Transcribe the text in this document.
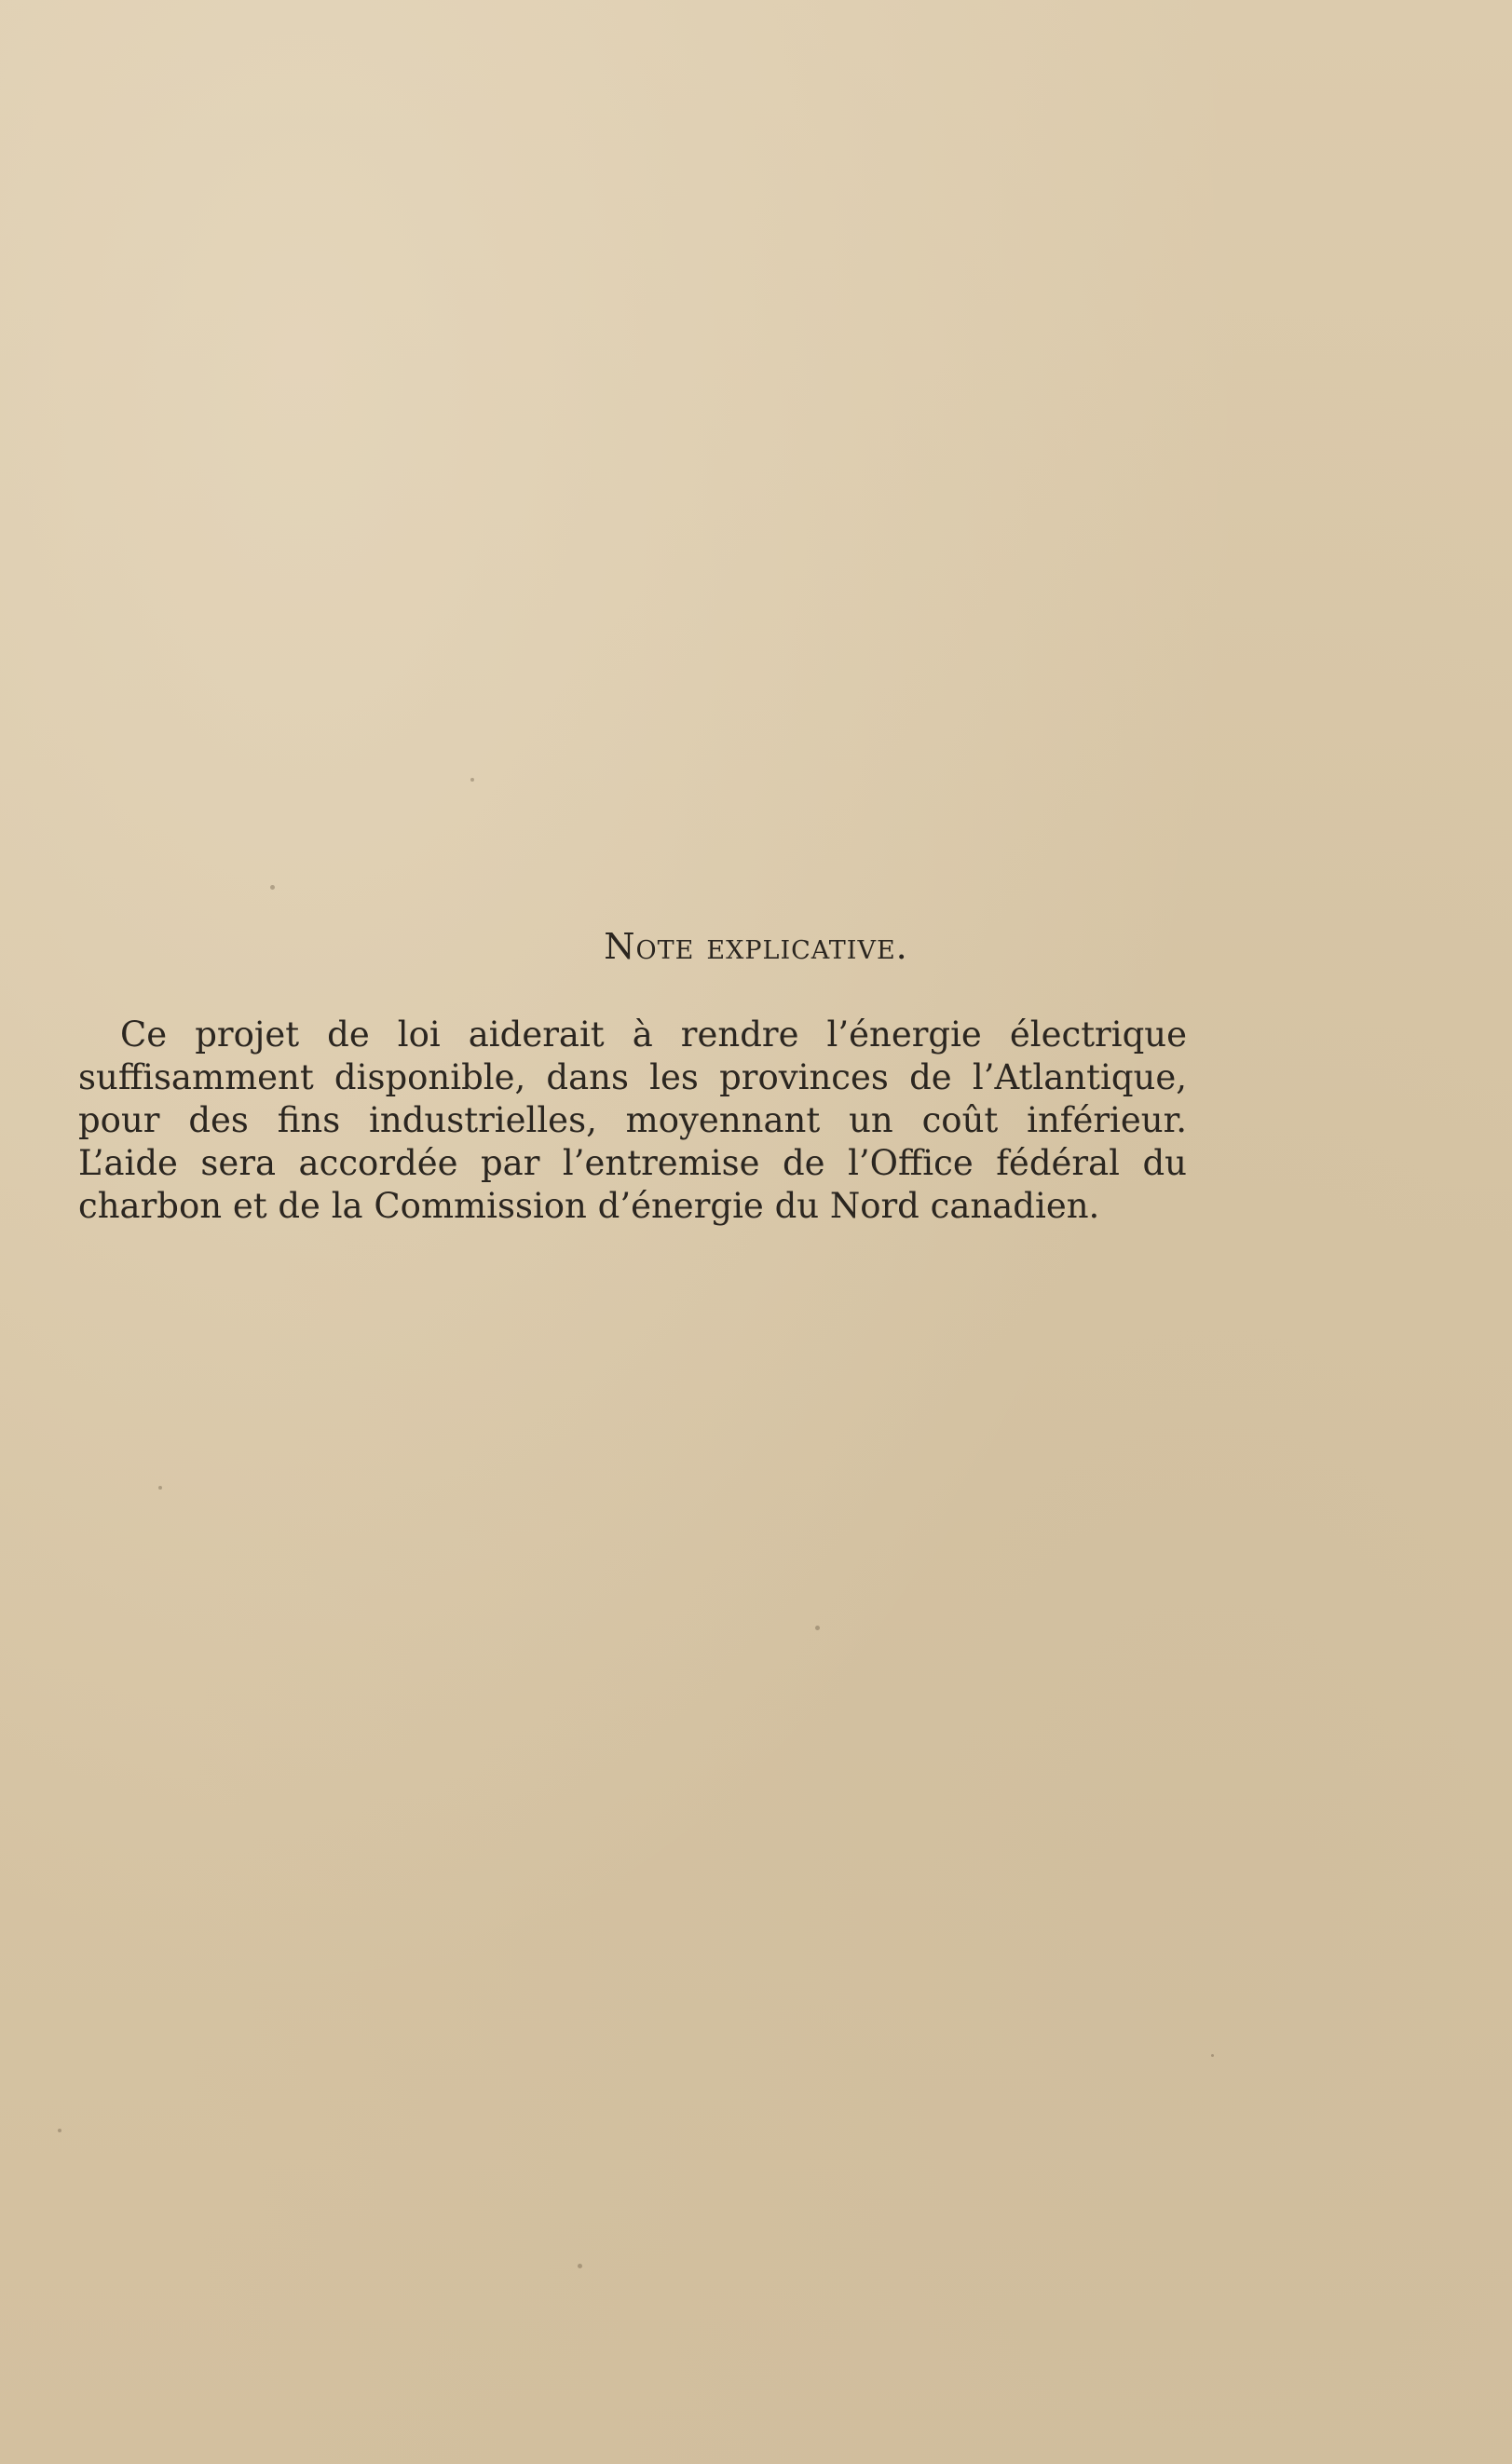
Note explicative.

Ce projet de loi aiderait à rendre l’énergie électrique
suffisamment disponible, dans les provinces de l’Atlantique,
pour des fins industrielles, moyennant un coût inférieur.
L’aide sera accordée par l’entremise de l’Office fédéral du
charbon et de la Commission d’énergie du Nord canadien.
